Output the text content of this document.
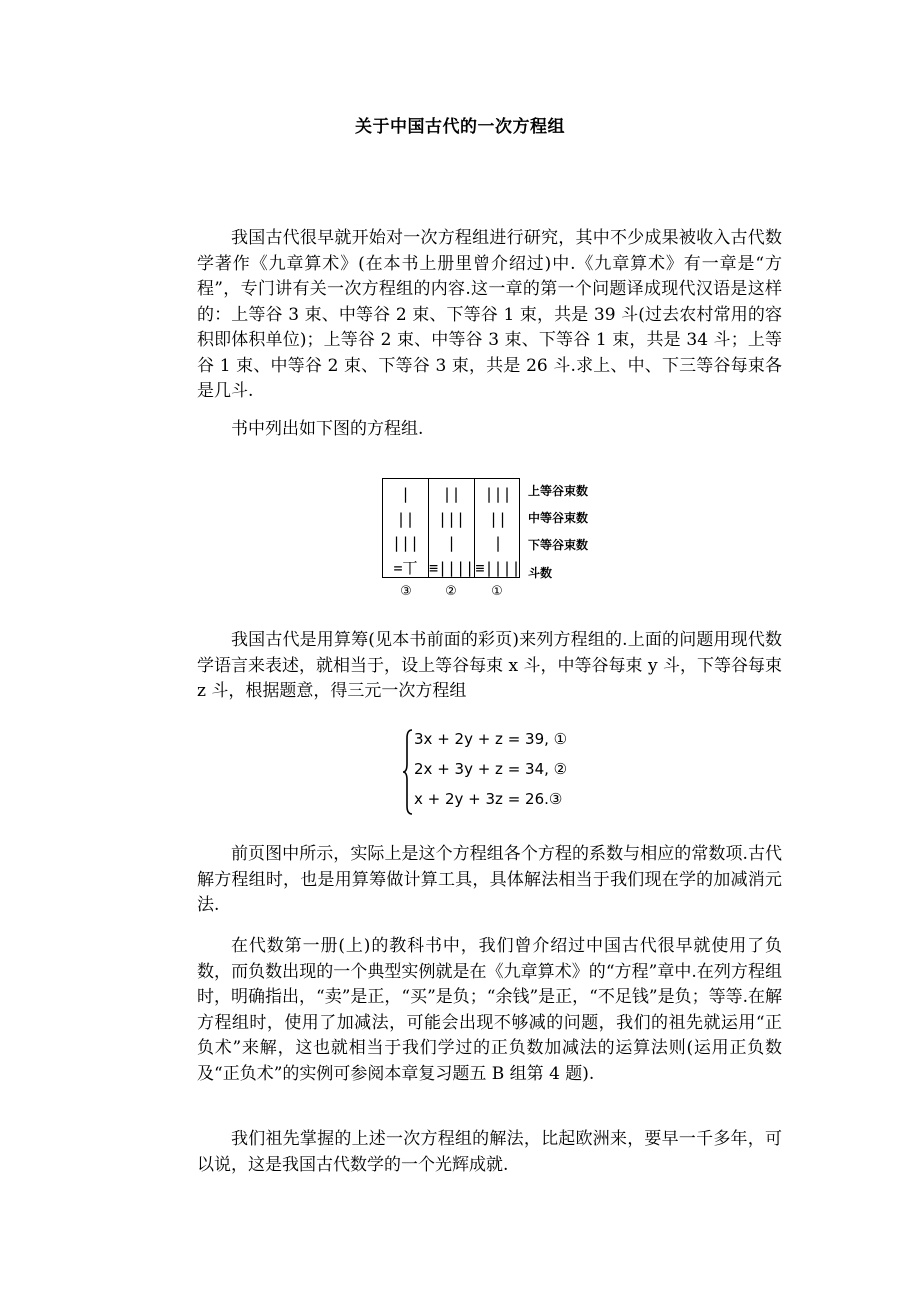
关于中国古代的一次方程组

我国古代很早就开始对一次方程组进行研究，其中不少成果被收入古代数学著作《九章算术》(在本书上册里曾介绍过)中.《九章算术》有一章是“方程”，专门讲有关一次方程组的内容.这一章的第一个问题译成现代汉语是这样的：上等谷 3 束、中等谷 2 束、下等谷 1 束，共是 39 斗(过去农村常用的容积即体积单位)；上等谷 2 束、中等谷 3 束、下等谷 1 束，共是 34 斗；上等谷 1 束、中等谷 2 束、下等谷 3 束，共是 26 斗.求上、中、下三等谷每束各是几斗.

书中列出如下图的方程组.

|
||
|||
=丅
||
|||
|
≡||||
|||
||
|
≡||||
上等谷束数
中等谷束数
下等谷束数
斗数
③	②	①

我国古代是用算筹(见本书前面的彩页)来列方程组的.上面的问题用现代数学语言来表述，就相当于，设上等谷每束 x 斗，中等谷每束 y 斗，下等谷每束 z 斗，根据题意，得三元一次方程组

3x + 2y + z = 39, ①
2x + 3y + z = 34, ②
x + 2y + 3z = 26.③

前页图中所示，实际上是这个方程组各个方程的系数与相应的常数项.古代解方程组时，也是用算筹做计算工具，具体解法相当于我们现在学的加减消元法.

在代数第一册(上)的教科书中，我们曾介绍过中国古代很早就使用了负数，而负数出现的一个典型实例就是在《九章算术》的“方程”章中.在列方程组时，明确指出，“卖”是正，“买”是负；“余钱”是正，“不足钱”是负；等等.在解方程组时，使用了加减法，可能会出现不够减的问题，我们的祖先就运用“正负术”来解，这也就相当于我们学过的正负数加减法的运算法则(运用正负数及“正负术”的实例可参阅本章复习题五 B 组第 4 题).

我们祖先掌握的上述一次方程组的解法，比起欧洲来，要早一千多年，可以说，这是我国古代数学的一个光辉成就.
